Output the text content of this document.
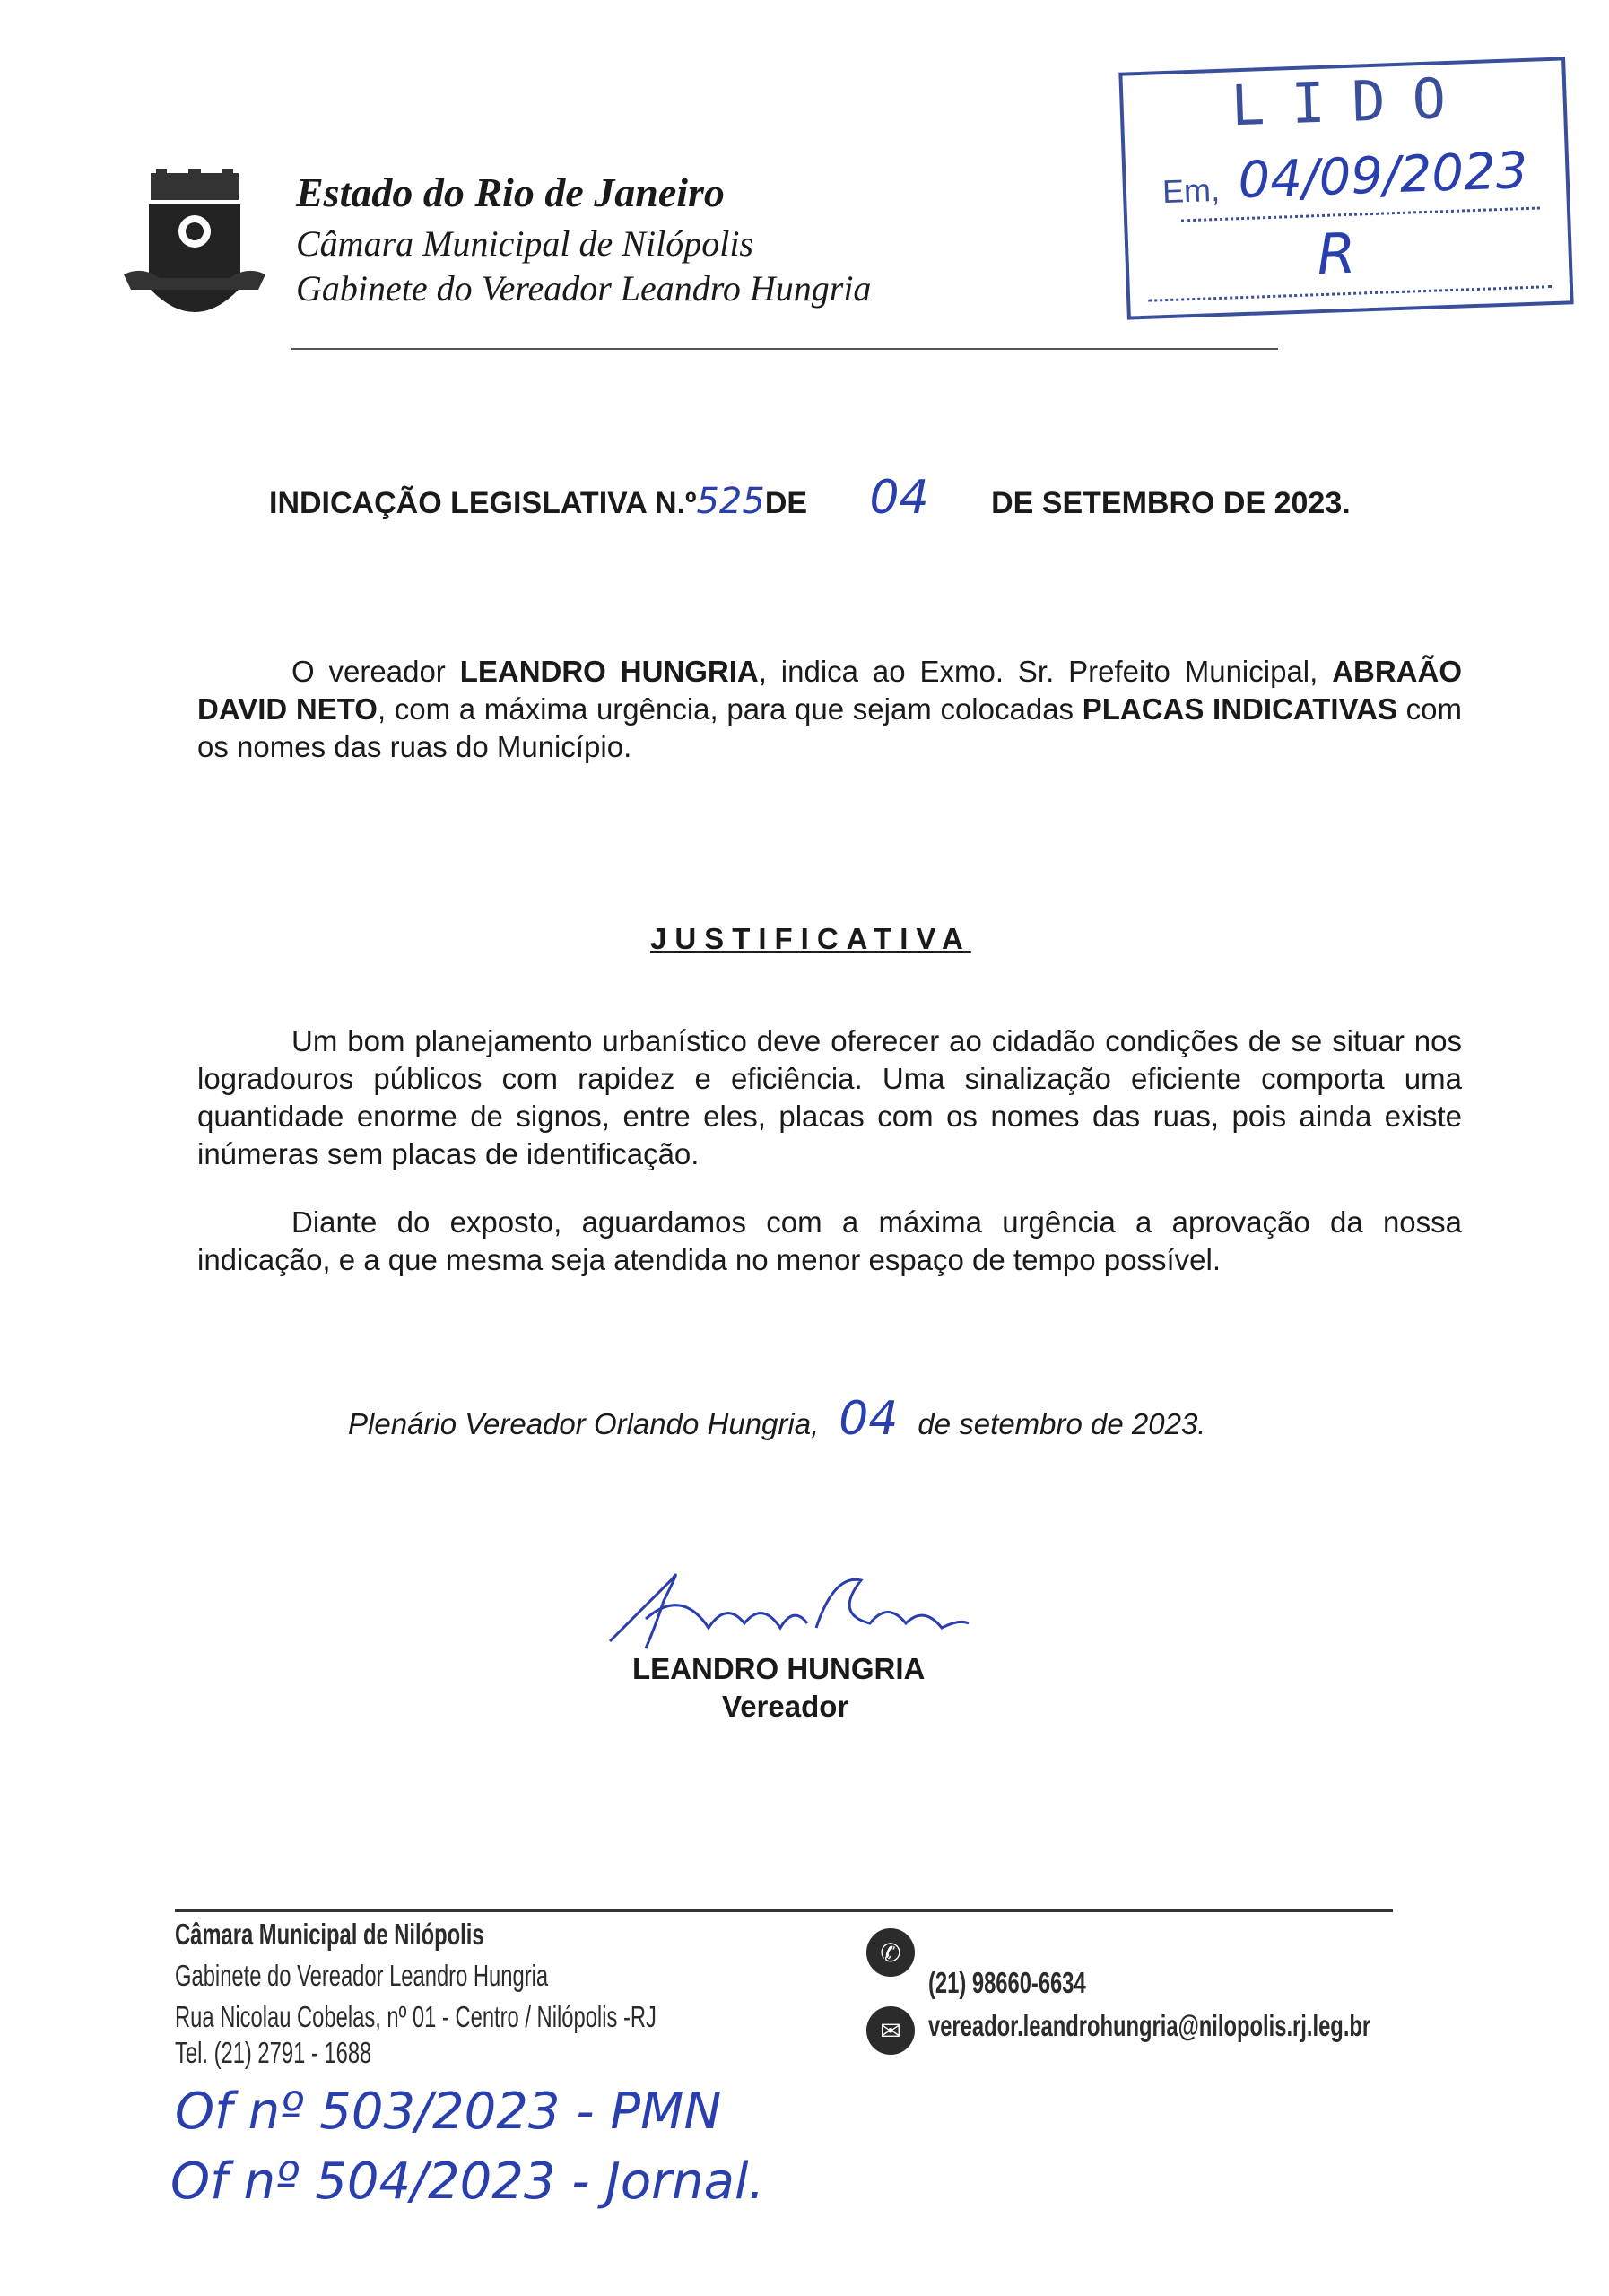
Estado do Rio de Janeiro
Câmara Municipal de Nilópolis
Gabinete do Vereador Leandro Hungria
LIDO
Em, 04/09/2023
R
INDICAÇÃO LEGISLATIVA N.º525DE 04 DE SETEMBRO DE 2023.
O vereador LEANDRO HUNGRIA, indica ao Exmo. Sr. Prefeito Municipal, ABRAÃO DAVID NETO, com a máxima urgência, para que sejam colocadas PLACAS INDICATIVAS com os nomes das ruas do Município.
JUSTIFICATIVA
Um bom planejamento urbanístico deve oferecer ao cidadão condições de se situar nos logradouros públicos com rapidez e eficiência. Uma sinalização eficiente comporta uma quantidade enorme de signos, entre eles, placas com os nomes das ruas, pois ainda existe inúmeras sem placas de identificação.
Diante do exposto, aguardamos com a máxima urgência a aprovação da nossa indicação, e a que mesma seja atendida no menor espaço de tempo possível.
Plenário Vereador Orlando Hungria, 04 de setembro de 2023.
LEANDRO HUNGRIA
Vereador
Câmara Municipal de Nilópolis
Gabinete do Vereador Leandro Hungria
Rua Nicolau Cobelas, nº 01 - Centro / Nilópolis -RJ
Tel. (21) 2791 - 1688
✆
(21) 98660-6634
✉ vereador.leandrohungria@nilopolis.rj.leg.br
Of nº 503/2023 - PMN
Of nº 504/2023 - Jornal.
